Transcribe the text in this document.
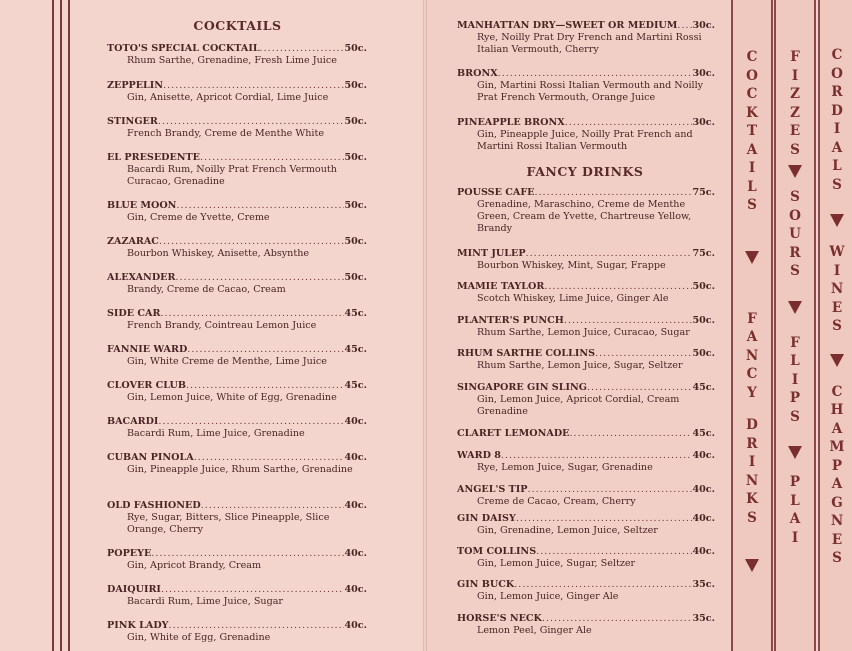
COCKTAILS
TOTO'S SPECIAL COCKTAIL .....	50c.
Rhum Sarthe, Grenadine, Fresh Lime Juice
ZEPPELIN .....	50c.
Gin, Anisette, Apricot Cordial, Lime Juice
STINGER .....	50c.
French Brandy, Creme de Menthe White
EL PRESEDENTE .....	50c.
Bacardi Rum, Noilly Prat French Vermouth Curacao, Grenadine
BLUE MOON .....	50c.
Gin, Creme de Yvette, Creme
ZAZARAC .....	50c.
Bourbon Whiskey, Anisette, Absynthe
ALEXANDER .....	50c.
Brandy, Creme de Cacao, Cream
SIDE CAR .....	45c.
French Brandy, Cointreau Lemon Juice
FANNIE WARD .....	45c.
Gin, White Creme de Menthe, Lime Juice
CLOVER CLUB .....	45c.
Gin, Lemon Juice, White of Egg, Grenadine
BACARDI .....	40c.
Bacardi Rum, Lime Juice, Grenadine
CUBAN PINOLA .....	40c.
Gin, Pineapple Juice, Rhum Sarthe, Grenadine
OLD FASHIONED .....	40c.
Rye, Sugar, Bitters, Slice Pineapple, Slice Orange, Cherry
POPEYE .....	40c.
Gin, Apricot Brandy, Cream
DAIQUIRI .....	40c.
Bacardi Rum, Lime Juice, Sugar
PINK LADY .....	40c.
Gin, White of Egg, Grenadine
MANHATTAN DRY—SWEET OR MEDIUM ..... 30c.
Rye, Noilly Prat Dry French and Martini Rossi Italian Vermouth, Cherry
BRONX .....	30c.
Gin, Martini Rossi Italian Vermouth and Noilly Prat French Vermouth, Orange Juice
PINEAPPLE BRONX .....	30c.
Gin, Pineapple Juice, Noilly Prat French and Martini Rossi Italian Vermouth
FANCY DRINKS
POUSSE CAFE .....	75c.
Grenadine, Maraschino, Creme de Menthe Green, Cream de Yvette, Chartreuse Yellow, Brandy
MINT JULEP .....	75c.
Bourbon Whiskey, Mint, Sugar, Frappe
MAMIE TAYLOR .....	50c.
Scotch Whiskey, Lime Juice, Ginger Ale
PLANTER'S PUNCH .....	50c.
Rhum Sarthe, Lemon Juice, Curacao, Sugar
RHUM SARTHE COLLINS .....	50c.
Rhum Sarthe, Lemon Juice, Sugar, Seltzer
SINGAPORE GIN SLING .....	45c.
Gin, Lemon Juice, Apricot Cordial, Cream Grenadine
CLARET LEMONADE .....	45c.
WARD 8 .....	40c.
Rye, Lemon Juice, Sugar, Grenadine
ANGEL'S TIP .....	40c.
Creme de Cacao, Cream, Cherry
GIN DAISY .....	40c.
Gin, Grenadine, Lemon Juice, Seltzer
TOM COLLINS .....	40c.
Gin, Lemon Juice, Sugar, Seltzer
GIN BUCK .....	35c.
Gin, Lemon Juice, Ginger Ale
HORSE'S NECK .....	35c.
Lemon Peel, Ginger Ale
C
O
C
K
T
A
I
L
S
F
A
N
C
Y
D
R
I
N
K
S
F
I
Z
Z
E
S
S
O
U
R
S
F
L
I
P
S
P
L
A
I
C
O
R
D
I
A
L
S
W
I
N
E
S
C
H
A
M
P
A
G
N
E
S
